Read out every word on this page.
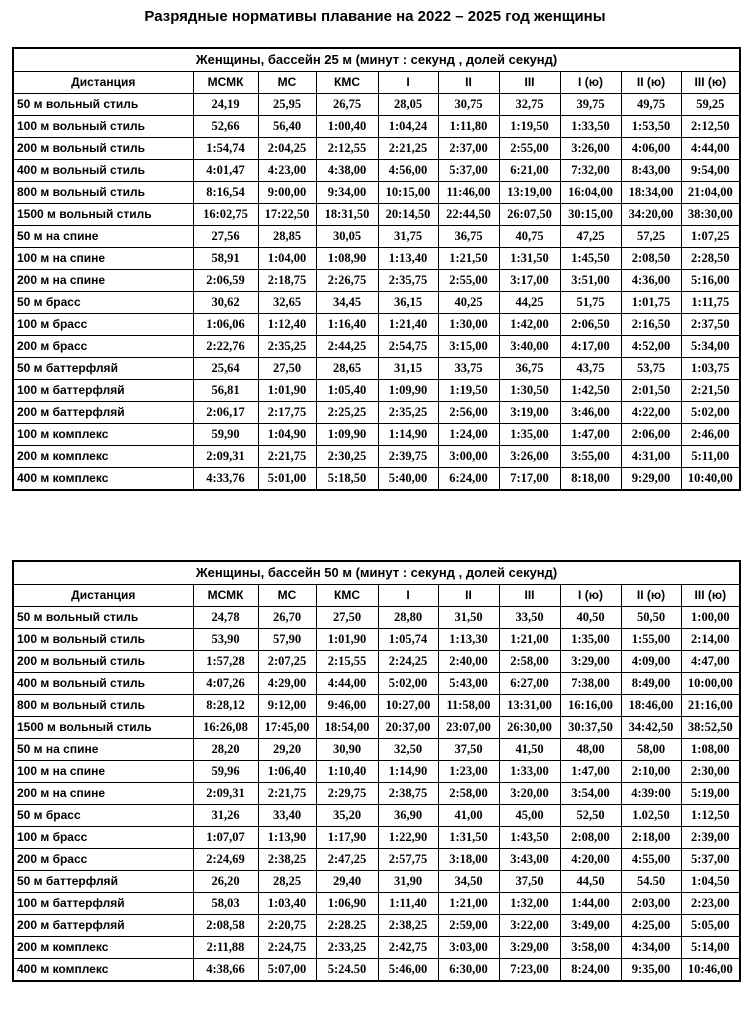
Разрядные нормативы плавание на 2022 – 2025 год женщины
Женщины, бассейн 25 м (минут : секунд , долей секунд)									
Дистанция	МСМК	МС	КМС	I	II	III	I (ю)	II (ю)	III (ю)
50 м вольный стиль	24,19	25,95	26,75	28,05	30,75	32,75	39,75	49,75	59,25
100 м вольный стиль	52,66	56,40	1:00,40	1:04,24	1:11,80	1:19,50	1:33,50	1:53,50	2:12,50
200 м вольный стиль	1:54,74	2:04,25	2:12,55	2:21,25	2:37,00	2:55,00	3:26,00	4:06,00	4:44,00
400 м вольный стиль	4:01,47	4:23,00	4:38,00	4:56,00	5:37,00	6:21,00	7:32,00	8:43,00	9:54,00
800 м вольный стиль	8:16,54	9:00,00	9:34,00	10:15,00	11:46,00	13:19,00	16:04,00	18:34,00	21:04,00
1500 м вольный стиль	16:02,75	17:22,50	18:31,50	20:14,50	22:44,50	26:07,50	30:15,00	34:20,00	38:30,00
50 м на спине	27,56	28,85	30,05	31,75	36,75	40,75	47,25	57,25	1:07,25
100 м на спине	58,91	1:04,00	1:08,90	1:13,40	1:21,50	1:31,50	1:45,50	2:08,50	2:28,50
200 м на спине	2:06,59	2:18,75	2:26,75	2:35,75	2:55,00	3:17,00	3:51,00	4:36,00	5:16,00
50 м брасс	30,62	32,65	34,45	36,15	40,25	44,25	51,75	1:01,75	1:11,75
100 м брасс	1:06,06	1:12,40	1:16,40	1:21,40	1:30,00	1:42,00	2:06,50	2:16,50	2:37,50
200 м брасс	2:22,76	2:35,25	2:44,25	2:54,75	3:15,00	3:40,00	4:17,00	4:52,00	5:34,00
50 м баттерфляй	25,64	27,50	28,65	31,15	33,75	36,75	43,75	53,75	1:03,75
100 м баттерфляй	56,81	1:01,90	1:05,40	1:09,90	1:19,50	1:30,50	1:42,50	2:01,50	2:21,50
200 м баттерфляй	2:06,17	2:17,75	2:25,25	2:35,25	2:56,00	3:19,00	3:46,00	4:22,00	5:02,00
100 м комплекс	59,90	1:04,90	1:09,90	1:14,90	1:24,00	1:35,00	1:47,00	2:06,00	2:46,00
200 м комплекс	2:09,31	2:21,75	2:30,25	2:39,75	3:00,00	3:26,00	3:55,00	4:31,00	5:11,00
400 м комплекс	4:33,76	5:01,00	5:18,50	5:40,00	6:24,00	7:17,00	8:18,00	9:29,00	10:40,00
Женщины, бассейн 50 м (минут : секунд , долей секунд)									
Дистанция	МСМК	МС	КМС	I	II	III	I (ю)	II (ю)	III (ю)
50 м вольный стиль	24,78	26,70	27,50	28,80	31,50	33,50	40,50	50,50	1:00,00
100 м вольный стиль	53,90	57,90	1:01,90	1:05,74	1:13,30	1:21,00	1:35,00	1:55,00	2:14,00
200 м вольный стиль	1:57,28	2:07,25	2:15,55	2:24,25	2:40,00	2:58,00	3:29,00	4:09,00	4:47,00
400 м вольный стиль	4:07,26	4:29,00	4:44,00	5:02,00	5:43,00	6:27,00	7:38,00	8:49,00	10:00,00
800 м вольный стиль	8:28,12	9:12,00	9:46,00	10:27,00	11:58,00	13:31,00	16:16,00	18:46,00	21:16,00
1500 м вольный стиль	16:26,08	17:45,00	18:54,00	20:37,00	23:07,00	26:30,00	30:37,50	34:42,50	38:52,50
50 м на спине	28,20	29,20	30,90	32,50	37,50	41,50	48,00	58,00	1:08,00
100 м на спине	59,96	1:06,40	1:10,40	1:14,90	1:23,00	1:33,00	1:47,00	2:10,00	2:30,00
200 м на спине	2:09,31	2:21,75	2:29,75	2:38,75	2:58,00	3:20,00	3:54,00	4:39:00	5:19,00
50 м брасс	31,26	33,40	35,20	36,90	41,00	45,00	52,50	1.02,50	1:12,50
100 м брасс	1:07,07	1:13,90	1:17,90	1:22,90	1:31,50	1:43,50	2:08,00	2:18,00	2:39,00
200 м брасс	2:24,69	2:38,25	2:47,25	2:57,75	3:18,00	3:43,00	4:20,00	4:55,00	5:37,00
50 м баттерфляй	26,20	28,25	29,40	31,90	34,50	37,50	44,50	54.50	1:04,50
100 м баттерфляй	58,03	1:03,40	1:06,90	1:11,40	1:21,00	1:32,00	1:44,00	2:03,00	2:23,00
200 м баттерфляй	2:08,58	2:20,75	2:28.25	2:38,25	2:59,00	3:22,00	3:49,00	4:25,00	5:05,00
200 м комплекс	2:11,88	2:24,75	2:33,25	2:42,75	3:03,00	3:29,00	3:58,00	4:34,00	5:14,00
400 м комплекс	4:38,66	5:07,00	5:24.50	5:46,00	6:30,00	7:23,00	8:24,00	9:35,00	10:46,00
